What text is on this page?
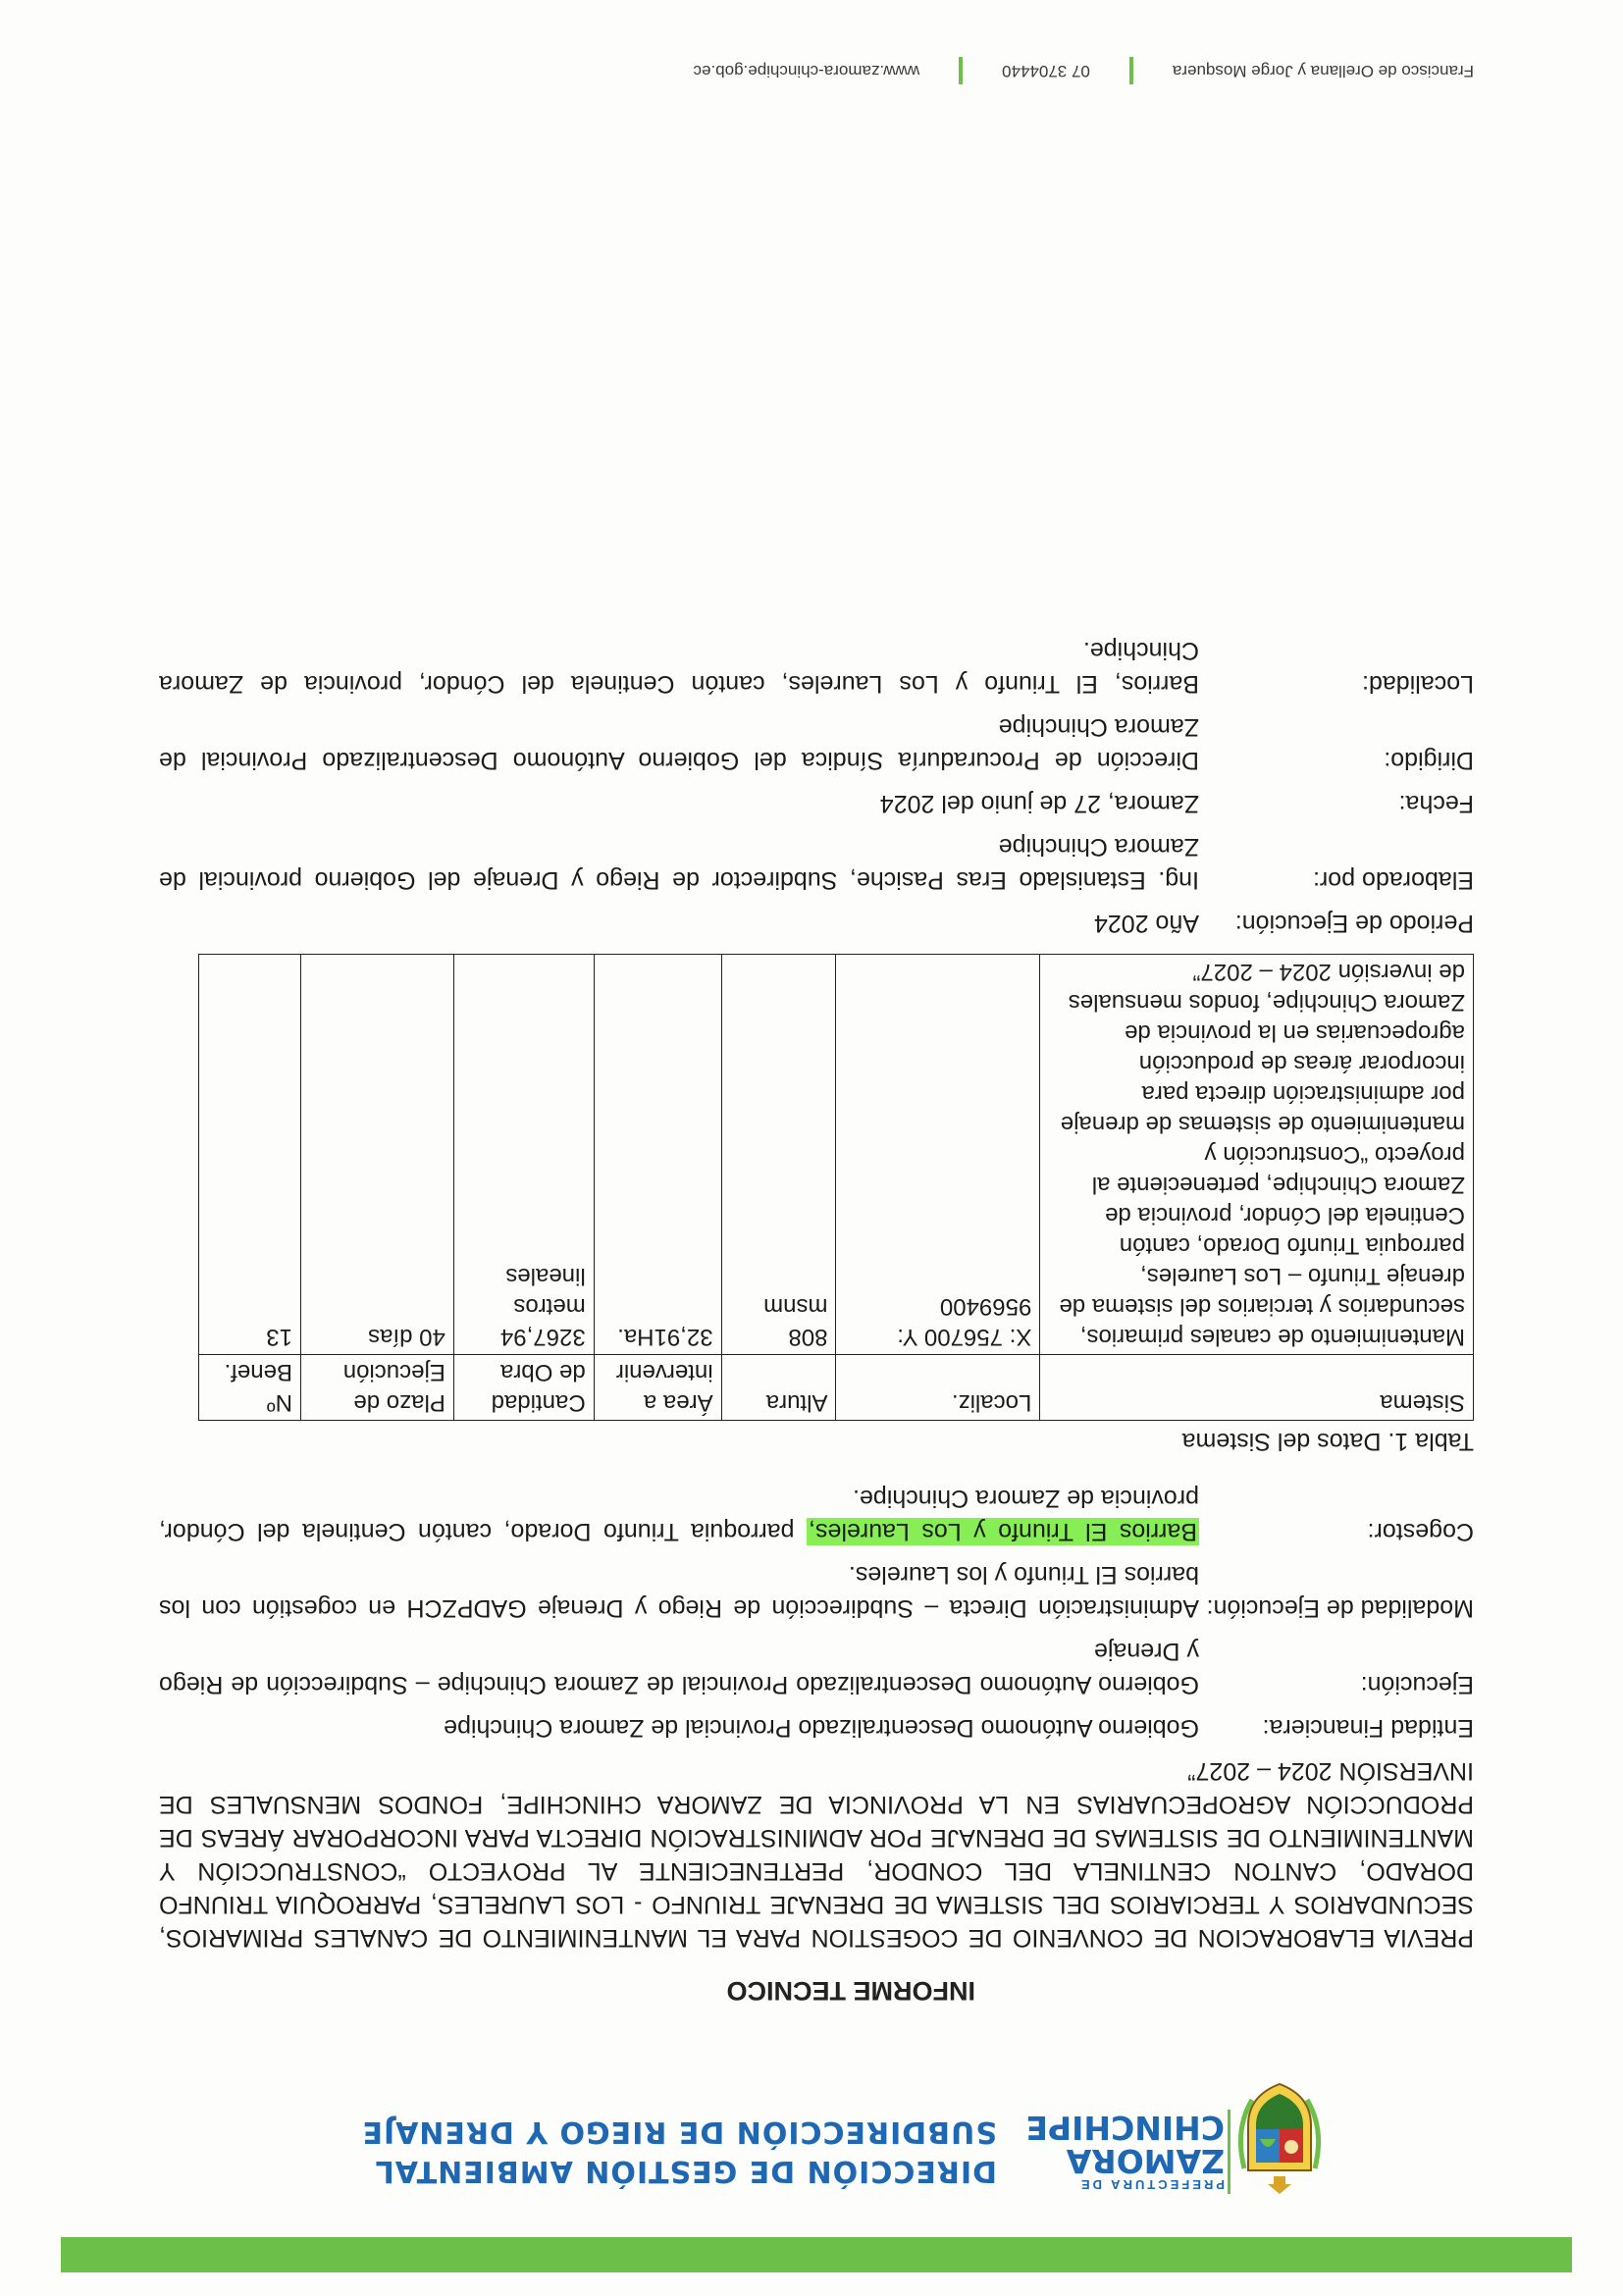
PREFECTURA DE
ZAMORA
CHINCHIPE
DIRECCIÓN DE GESTIÓN AMBIENTAL
SUBDIRECCIÓN DE RIEGO Y DRENAJE
INFORME TECNICO
PREVIA ELABORACION DE CONVENIO DE COGESTION PARA EL MANTENIMIENTO DE CANALES PRIMARIOS, SECUNDARIOS Y TERCIARIOS DEL SISTEMA DE DRENAJE TRIUNFO - LOS LAURELES, PARROQUIA TRIUNFO DORADO, CANTON CENTINELA DEL CONDOR, PERTENECIENTE AL PROYECTO “CONSTRUCCIÓN Y MANTENIMIENTO DE SISTEMAS DE DRENAJE POR ADMINISTRACIÓN DIRECTA PARA INCORPORAR ÁREAS DE PRODUCCIÓN AGROPECUARIAS EN LA PROVINCIA DE ZAMORA CHINCHIPE, FONDOS MENSUALES DE INVERSIÓN 2024 – 2027”
Entidad Financiera:
Gobierno Autónomo Descentralizado Provincial de Zamora Chinchipe
Ejecución:
Gobierno Autónomo Descentralizado Provincial de Zamora Chinchipe – Subdirección de Riego y Drenaje
Modalidad de Ejecución:
Administración Directa – Subdirección de Riego y Drenaje GADPZCH en cogestión con los barrios El Triunfo y los Laureles.
Cogestor:
Barrios El Triunfo y Los Laureles, parroquia Triunfo Dorado, cantón Centinela del Cóndor, provincia de Zamora Chinchipe.
Tabla 1. Datos del Sistema
Sistema	Localiz.	Altura	Área a intervenir	Cantidad de Obra	Plazo de Ejecución	Nº Benef.
Mantenimiento de canales primarios, secundarios y terciarios del sistema de drenaje Triunfo – Los Laureles, parroquia Triunfo Dorado, cantón Centinela del Cóndor, provincia de Zamora Chinchipe, perteneciente al proyecto “Construcción y mantenimiento de sistemas de drenaje por administración directa para incorporar áreas de producción agropecuarias en la provincia de Zamora Chinchipe, fondos mensuales de inversión 2024 – 2027”	X: 756700 Y: 9569400	808 msnm	32,91Ha.	3267,94 metros lineales	40 días	13
Periodo de Ejecución:
Año 2024
Elaborado por:
Ing. Estanislado Eras Pasiche, Subdirector de Riego y Drenaje del Gobierno provincial de Zamora Chinchipe
Fecha:
Zamora, 27 de junio del 2024
Dirigido:
Dirección de Procuraduría Síndica del Gobierno Autónomo Descentralizado Provincial de Zamora Chinchipe
Localidad:
Barrios, El Triunfo y Los Laureles, cantón Centinela del Cóndor, provincia de Zamora Chinchipe.
Francisco de Orellana y Jorge Mosquera
07 3704440
www.zamora-chinchipe.gob.ec
